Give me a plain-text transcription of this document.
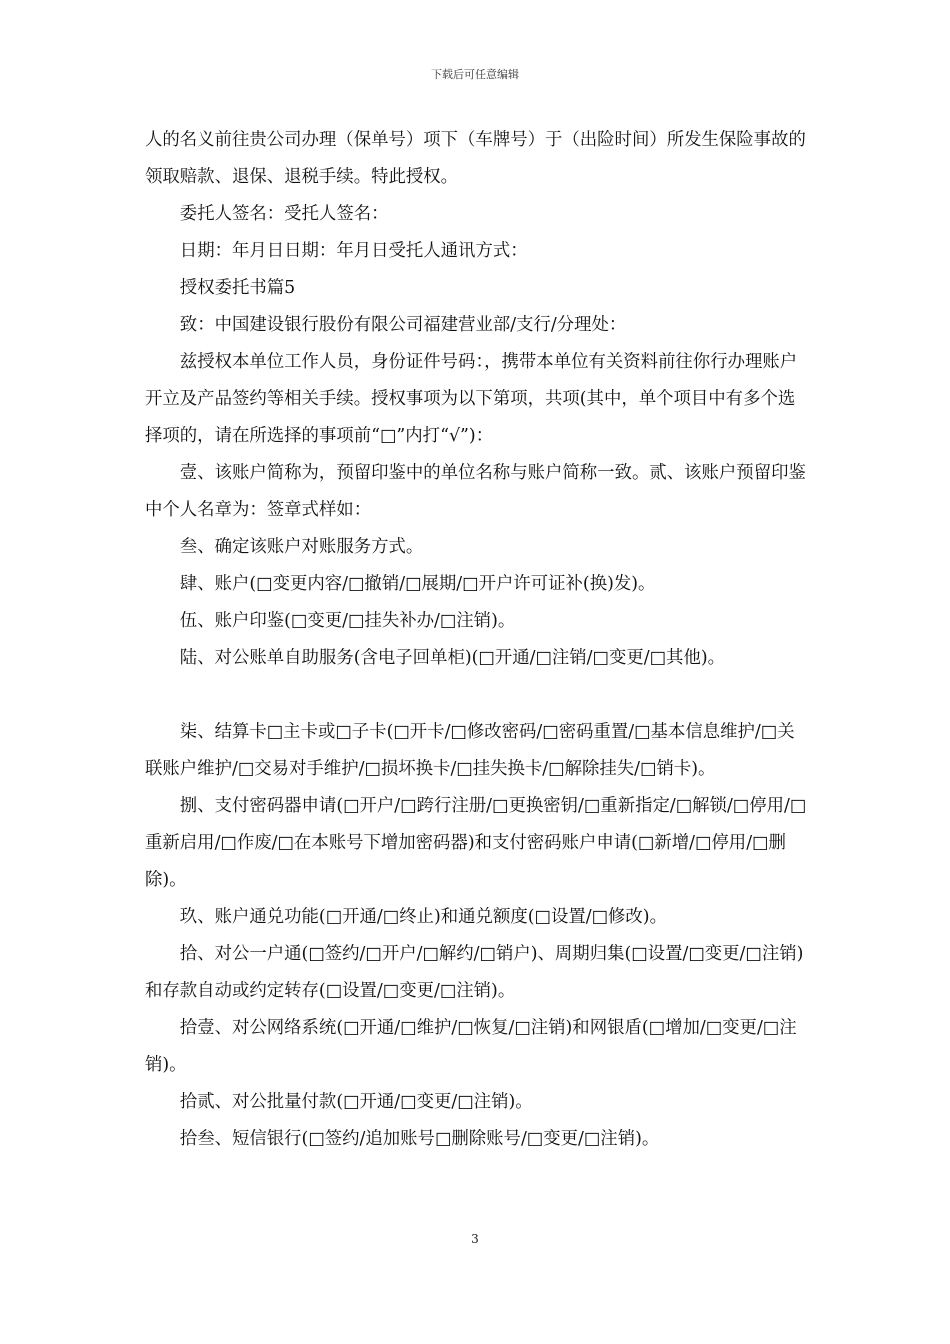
下载后可任意编辑

人的名义前往贵公司办理（保单号）项下（车牌号）于（出险时间）所发生保险事故的领取赔款、退保、退税手续。特此授权。

委托人签名：受托人签名：

日期：年月日日期：年月日受托人通讯方式：

授权委托书篇5

致：中国建设银行股份有限公司福建营业部/支行/分理处：

兹授权本单位工作人员，身份证件号码：，携带本单位有关资料前往你行办理账户开立及产品签约等相关手续。授权事项为以下第项，共项(其中，单个项目中有多个选择项的，请在所选择的事项前“□”内打“√”)：

壹、该账户简称为，预留印鉴中的单位名称与账户简称一致。贰、该账户预留印鉴中个人名章为：签章式样如：

叁、确定该账户对账服务方式。

肆、账户(□变更内容/□撤销/□展期/□开户许可证补(换)发)。

伍、账户印鉴(□变更/□挂失补办/□注销)。

陆、对公账单自助服务(含电子回单柜)(□开通/□注销/□变更/□其他)。

柒、结算卡□主卡或□子卡(□开卡/□修改密码/□密码重置/□基本信息维护/□关联账户维护/□交易对手维护/□损坏换卡/□挂失换卡/□解除挂失/□销卡)。

捌、支付密码器申请(□开户/□跨行注册/□更换密钥/□重新指定/□解锁/□停用/□重新启用/□作废/□在本账号下增加密码器)和支付密码账户申请(□新增/□停用/□删除)。

玖、账户通兑功能(□开通/□终止)和通兑额度(□设置/□修改)。

拾、对公一户通(□签约/□开户/□解约/□销户)、周期归集(□设置/□变更/□注销)和存款自动或约定转存(□设置/□变更/□注销)。

拾壹、对公网络系统(□开通/□维护/□恢复/□注销)和网银盾(□增加/□变更/□注销)。

拾贰、对公批量付款(□开通/□变更/□注销)。

拾叁、短信银行(□签约/追加账号□删除账号/□变更/□注销)。

3
